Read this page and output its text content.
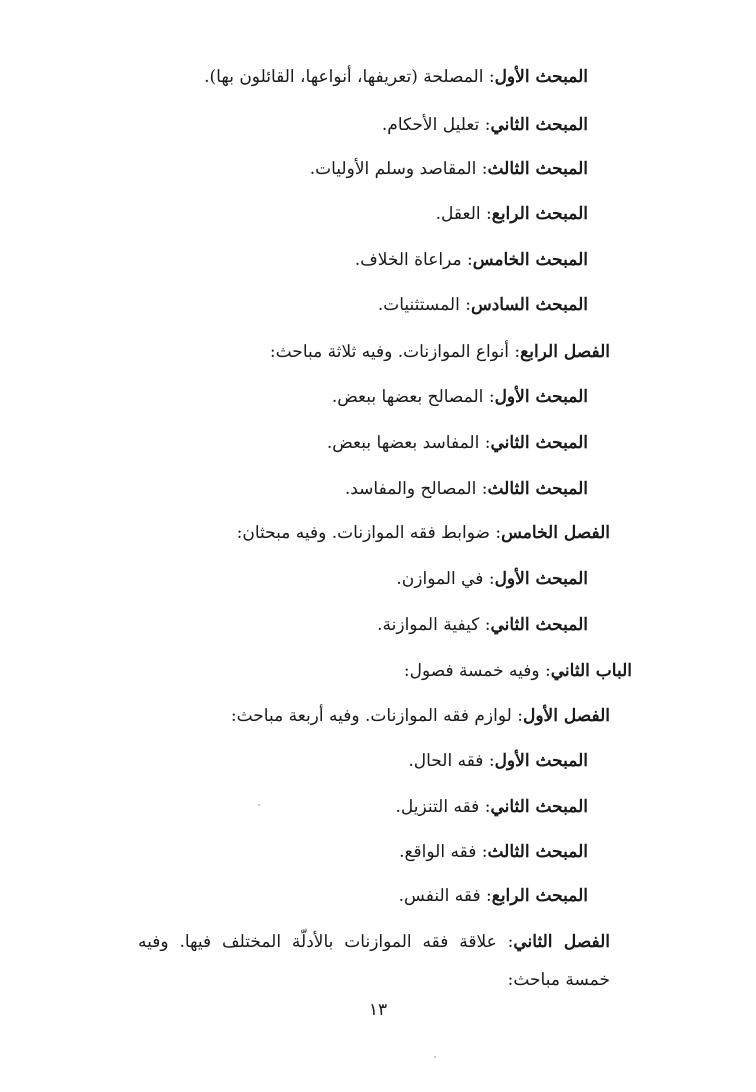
المبحث الأول: المصلحة (تعريفها، أنواعها، القائلون بها).
المبحث الثاني: تعليل الأحكام.
المبحث الثالث: المقاصد وسلم الأوليات.
المبحث الرابع: العقل.
المبحث الخامس: مراعاة الخلاف.
المبحث السادس: المستثنيات.
الفصل الرابع: أنواع الموازنات. وفيه ثلاثة مباحث:
المبحث الأول: المصالح بعضها ببعض.
المبحث الثاني: المفاسد بعضها ببعض.
المبحث الثالث: المصالح والمفاسد.
الفصل الخامس: ضوابط فقه الموازنات. وفيه مبحثان:
المبحث الأول: في الموازن.
المبحث الثاني: كيفية الموازنة.
الباب الثاني: وفيه خمسة فصول:
الفصل الأول: لوازم فقه الموازنات. وفيه أربعة مباحث:
المبحث الأول: فقه الحال.
المبحث الثاني: فقه التنزيل.
المبحث الثالث: فقه الواقع.
المبحث الرابع: فقه النفس.
الفصل الثاني: علاقة فقه الموازنات بالأدلّة المختلف فيها. وفيه خمسة مباحث:
١٣
